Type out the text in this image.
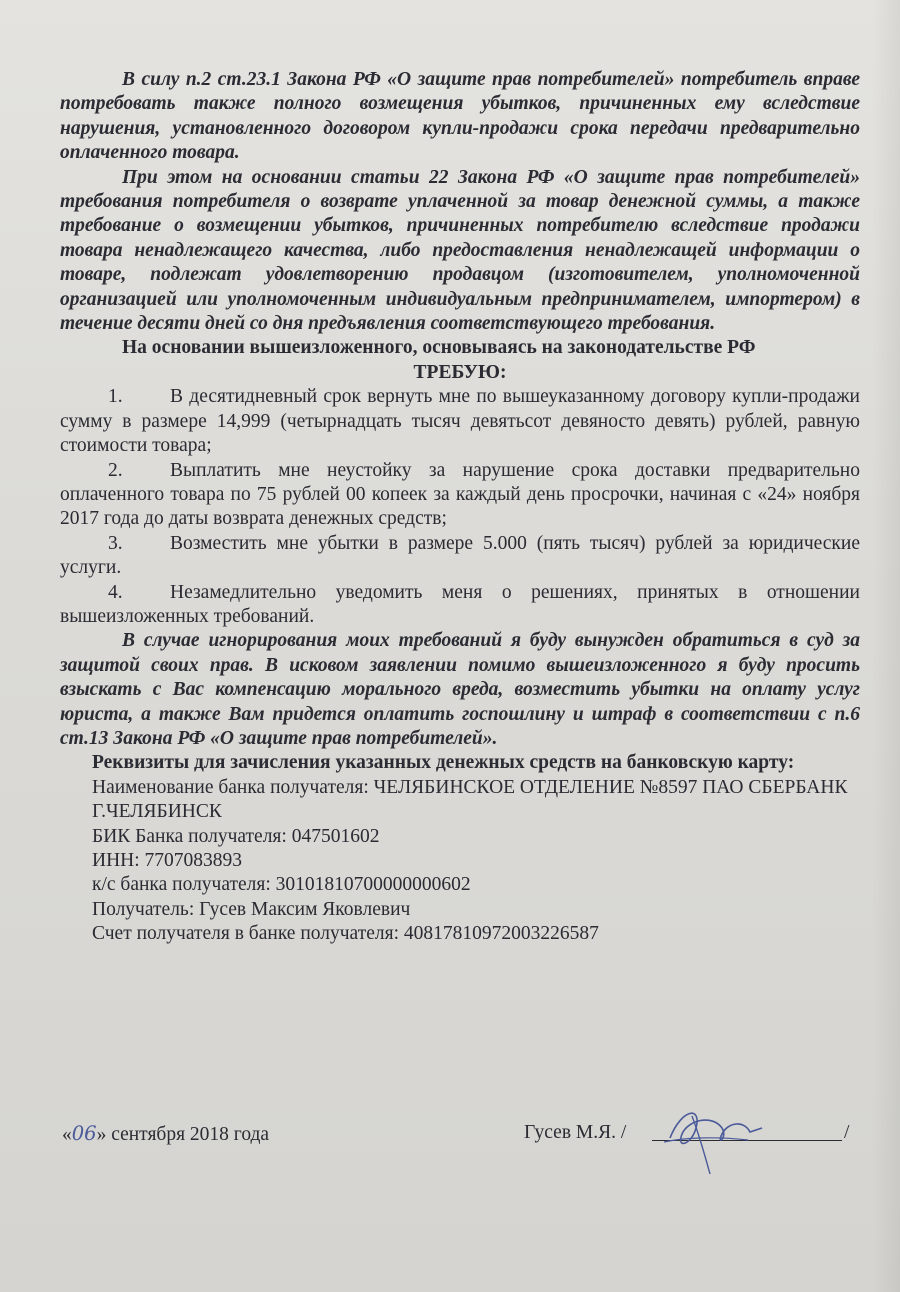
В силу п.2 ст.23.1 Закона РФ «О защите прав потребителей» потребитель вправе потребовать также полного возмещения убытков, причиненных ему вследствие нарушения, установленного договором купли-продажи срока передачи предварительно оплаченного товара.

При этом на основании статьи 22 Закона РФ «О защите прав потребителей» требования потребителя о возврате уплаченной за товар денежной суммы, а также требование о возмещении убытков, причиненных потребителю вследствие продажи товара ненадлежащего качества, либо предоставления ненадлежащей информации о товаре, подлежат удовлетворению продавцом (изготовителем, уполномоченной организацией или уполномоченным индивидуальным предпринимателем, импортером) в течение десяти дней со дня предъявления соответствующего требования.

На основании вышеизложенного, основываясь на законодательстве РФ

ТРЕБУЮ:

1. В десятидневный срок вернуть мне по вышеуказанному договору купли-продажи сумму в размере 14,999 (четырнадцать тысяч девятьсот девяносто девять) рублей, равную стоимости товара;

2. Выплатить мне неустойку за нарушение срока доставки предварительно оплаченного товара по 75 рублей 00 копеек за каждый день просрочки, начиная с «24» ноября 2017 года до даты возврата денежных средств;

3. Возместить мне убытки в размере 5.000 (пять тысяч) рублей за юридические услуги.

4. Незамедлительно уведомить меня о решениях, принятых в отношении вышеизложенных требований.

В случае игнорирования моих требований я буду вынужден обратиться в суд за защитой своих прав. В исковом заявлении помимо вышеизложенного я буду просить взыскать с Вас компенсацию морального вреда, возместить убытки на оплату услуг юриста, а также Вам придется оплатить госпошлину и штраф в соответствии с п.6 ст.13 Закона РФ «О защите прав потребителей».

Реквизиты для зачисления указанных денежных средств на банковскую карту:

Наименование банка получателя: ЧЕЛЯБИНСКОЕ ОТДЕЛЕНИЕ №8597 ПАО СБЕРБАНК Г.ЧЕЛЯБИНСК

БИК Банка получателя: 047501602

ИНН: 7707083893

к/с банка получателя: 30101810700000000602

Получатель: Гусев Максим Яковлевич

Счет получателя в банке получателя: 40817810972003226587

«06» сентября 2018 года	Гусев М.Я. /	/
